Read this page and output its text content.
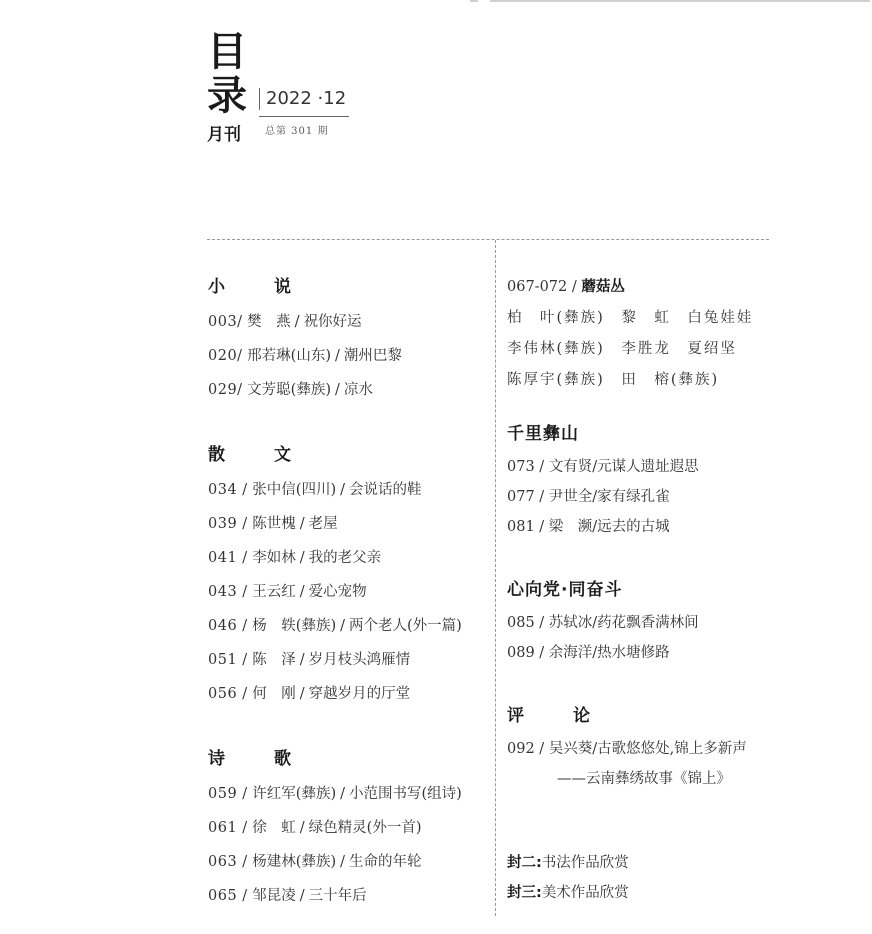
目
录	2022 ·12
月刊 总第 301 期
小　说
003/ 樊　燕 / 祝你好运
020/ 邢若琳(山东) / 潮州巴黎
029/ 文芳聪(彝族) / 凉水
散　文
034 / 张中信(四川) / 会说话的鞋
039 / 陈世槐 / 老屋
041 / 李如林 / 我的老父亲
043 / 王云红 / 爱心宠物
046 / 杨　轶(彝族) / 两个老人(外一篇)
051 / 陈　泽 / 岁月枝头鸿雁情
056 / 何　刚 / 穿越岁月的厅堂
诗　歌
059 / 许红军(彝族) / 小范围书写(组诗)
061 / 徐　虹 / 绿色精灵(外一首)
063 / 杨建林(彝族) / 生命的年轮
065 / 邹昆凌 / 三十年后
067-072 / 蘑菇丛
柏　叶(彝族)　黎　虹　白兔娃娃
李伟林(彝族)　李胜龙　夏绍坚
陈厚宇(彝族)　田　榕(彝族)
千里彝山
073 / 文有贤/元谋人遗址遐思
077 / 尹世全/家有绿孔雀
081 / 梁　濒/远去的古城
心向党·同奋斗
085 / 苏轼冰/药花飘香满林间
089 / 余海洋/热水塘修路
评　论
092 / 吴兴葵/古歌悠悠处,锦上多新声
——云南彝绣故事《锦上》
封二:书法作品欣赏
封三:美术作品欣赏
